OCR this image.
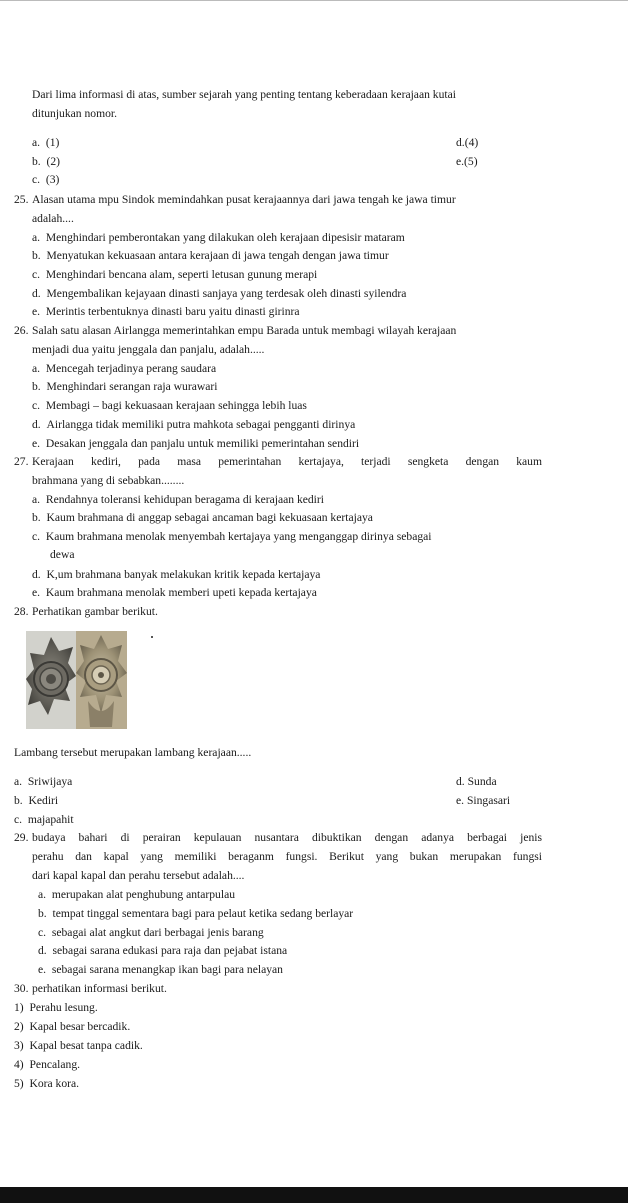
Dari lima informasi di atas, sumber sejarah yang penting tentang keberadaan kerajaan kutai
ditunjukan nomor.
a. (1)
b. (2)
c. (3)
d.(4)
e.(5)
25. Alasan utama mpu Sindok memindahkan pusat kerajaannya dari jawa tengah ke jawa timur
adalah....
a. Menghindari pemberontakan yang dilakukan oleh kerajaan dipesisir mataram
b. Menyatukan kekuasaan antara kerajaan di jawa tengah dengan jawa timur
c. Menghindari bencana alam, seperti letusan gunung merapi
d. Mengembalikan kejayaan dinasti sanjaya yang terdesak oleh dinasti syilendra
e. Merintis terbentuknya dinasti baru yaitu dinasti girinra
26. Salah satu alasan Airlangga memerintahkan empu Barada untuk membagi wilayah kerajaan
menjadi dua yaitu jenggala dan panjalu, adalah.....
a. Mencegah terjadinya perang saudara
b. Menghindari serangan raja wurawari
c. Membagi – bagi kekuasaan kerajaan sehingga lebih luas
d. Airlangga tidak memiliki putra mahkota sebagai pengganti dirinya
e. Desakan jenggala dan panjalu untuk memiliki pemerintahan sendiri
27. Kerajaan kediri, pada masa pemerintahan kertajaya, terjadi sengketa dengan kaum
brahmana yang di sebabkan........
a. Rendahnya toleransi kehidupan beragama di kerajaan kediri
b. Kaum brahmana di anggap sebagai ancaman bagi kekuasaan kertajaya
c. Kaum brahmana menolak menyembah kertajaya yang menganggap dirinya sebagai
dewa
d. K,um brahmana banyak melakukan kritik kepada kertajaya
e. Kaum brahmana menolak memberi upeti kepada kertajaya
28. Perhatikan gambar berikut.
Lambang tersebut merupakan lambang kerajaan.....
a. Sriwijaya
b. Kediri
c. majapahit
d. Sunda
e. Singasari
29. budaya bahari di perairan kepulauan nusantara dibuktikan dengan adanya berbagai jenis
perahu dan kapal yang memiliki beraganm fungsi. Berikut yang bukan merupakan fungsi
dari kapal kapal dan perahu tersebut adalah....
a. merupakan alat penghubung antarpulau
b. tempat tinggal sementara bagi para pelaut ketika sedang berlayar
c. sebagai alat angkut dari berbagai jenis barang
d. sebagai sarana edukasi para raja dan pejabat istana
e. sebagai sarana menangkap ikan bagi para nelayan
30. perhatikan informasi berikut.
1) Perahu lesung.
2) Kapal besar bercadik.
3) Kapal besat tanpa cadik.
4) Pencalang.
5) Kora kora.
